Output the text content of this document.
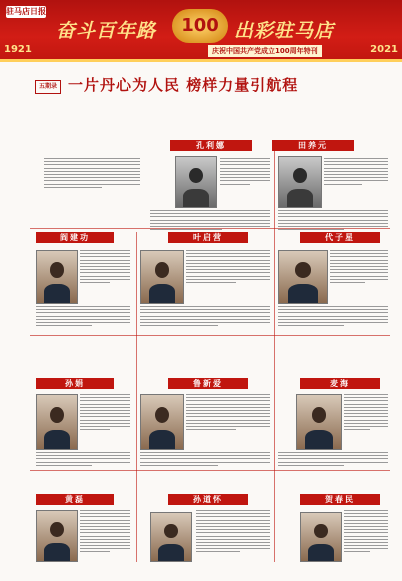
驻马店日报
奋斗百年路	100 出彩驻马店
1921	2021
庆祝中国共产党成立100周年特刊
五期录 一片丹心为人民 榜样力量引航程
孔利娜	田养元
阎建功	叶启营	代子星
孙娟	鲁新爱	麦海
黄磊	孙道怀	贺春民
